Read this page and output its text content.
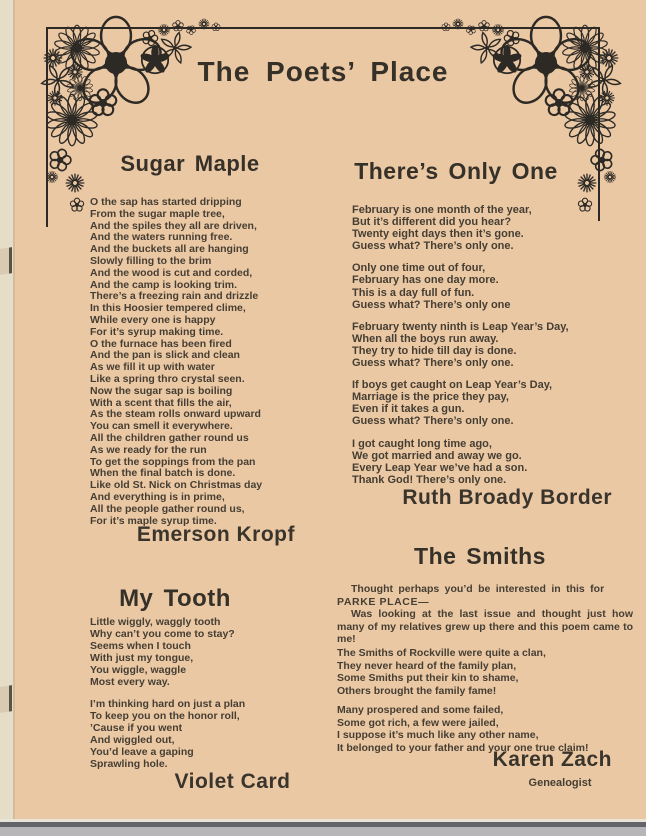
The Poets’ Place
Sugar Maple
O the sap has started dripping
From the sugar maple tree,
And the spiles they all are driven,
And the waters running free.
And the buckets all are hanging
Slowly filling to the brim
And the wood is cut and corded,
And the camp is looking trim.
There’s a freezing rain and drizzle
In this Hoosier tempered clime,
While every one is happy
For it’s syrup making time.
O the furnace has been fired
And the pan is slick and clean
As we fill it up with water
Like a spring thro crystal seen.
Now the sugar sap is boiling
With a scent that fills the air,
As the steam rolls onward upward
You can smell it everywhere.
All the children gather round us
As we ready for the run
To get the soppings from the pan
When the final batch is done.
Like old St. Nick on Christmas day
And everything is in prime,
All the people gather round us,
For it’s maple syrup time.
Emerson Kropf
My Tooth
Little wiggly, waggly tooth
Why can’t you come to stay?
Seems when I touch
With just my tongue,
You wiggle, waggle
Most every way.
I’m thinking hard on just a plan
To keep you on the honor roll,
’Cause if you went
And wiggled out,
You’d leave a gaping
Sprawling hole.
Violet Card
There’s Only One
February is one month of the year,
But it’s different did you hear?
Twenty eight days then it’s gone.
Guess what? There’s only one.
Only one time out of four,
February has one day more.
This is a day full of fun.
Guess what? There’s only one
February twenty ninth is Leap Year’s Day,
When all the boys run away.
They try to hide till day is done.
Guess what? There’s only one.
If boys get caught on Leap Year’s Day,
Marriage is the price they pay,
Even if it takes a gun.
Guess what? There’s only one.
I got caught long time ago,
We got married and away we go.
Every Leap Year we’ve had a son.
Thank God! There’s only one.
Ruth Broady Border
The Smiths
Thought perhaps you’d be interested in this for
PARKE PLACE—
Was looking at the last issue and thought just how many of my relatives grew up there and this poem came to me!
The Smiths of Rockville were quite a clan,
They never heard of the family plan,
Some Smiths put their kin to shame,
Others brought the family fame!
Many prospered and some failed,
Some got rich, a few were jailed,
I suppose it’s much like any other name,
It belonged to your father and your one true claim!
Karen Zach
Genealogist
